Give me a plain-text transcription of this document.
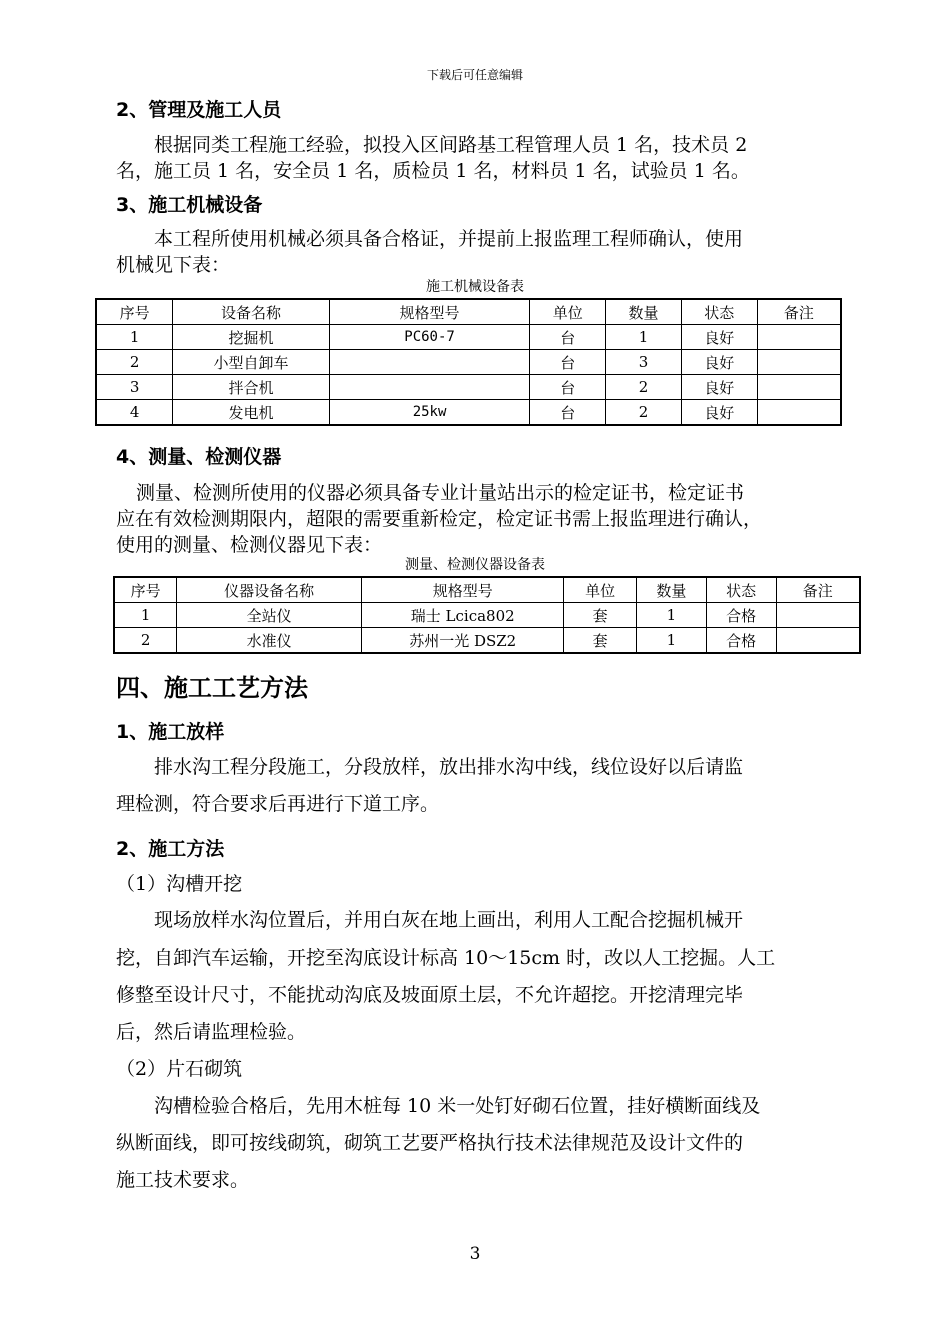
下载后可任意编辑
2、管理及施工人员
根据同类工程施工经验，拟投入区间路基工程管理人员 1 名，技术员 2
名，施工员 1 名，安全员 1 名，质检员 1 名，材料员 1 名，试验员 1 名。
3、施工机械设备
本工程所使用机械必须具备合格证，并提前上报监理工程师确认，使用
机械见下表：
施工机械设备表
序号	设备名称	规格型号	单位	数量	状态	备注
1	挖掘机	PC60-7	台	1	良好	
2	小型自卸车		台	3	良好	
3	拌合机		台	2	良好	
4	发电机	25kw	台	2	良好	
4、测量、检测仪器
测量、检测所使用的仪器必须具备专业计量站出示的检定证书，检定证书
应在有效检测期限内，超限的需要重新检定，检定证书需上报监理进行确认，
使用的测量、检测仪器见下表：
测量、检测仪器设备表
序号	仪器设备名称	规格型号	单位	数量	状态	备注
1	全站仪	瑞士 Lcica802	套	1	合格	
2	水准仪	苏州一光 DSZ2	套	1	合格	
四、施工工艺方法
1、施工放样
排水沟工程分段施工，分段放样，放出排水沟中线，线位设好以后请监
理检测，符合要求后再进行下道工序。
2、施工方法
（1）沟槽开挖
现场放样水沟位置后，并用白灰在地上画出，利用人工配合挖掘机械开
挖，自卸汽车运输，开挖至沟底设计标高 10～15cm 时，改以人工挖掘。人工
修整至设计尺寸，不能扰动沟底及坡面原土层，不允许超挖。开挖清理完毕
后，然后请监理检验。
（2）片石砌筑
沟槽检验合格后，先用木桩每 10 米一处钉好砌石位置，挂好横断面线及
纵断面线，即可按线砌筑，砌筑工艺要严格执行技术法律规范及设计文件的
施工技术要求。
3
